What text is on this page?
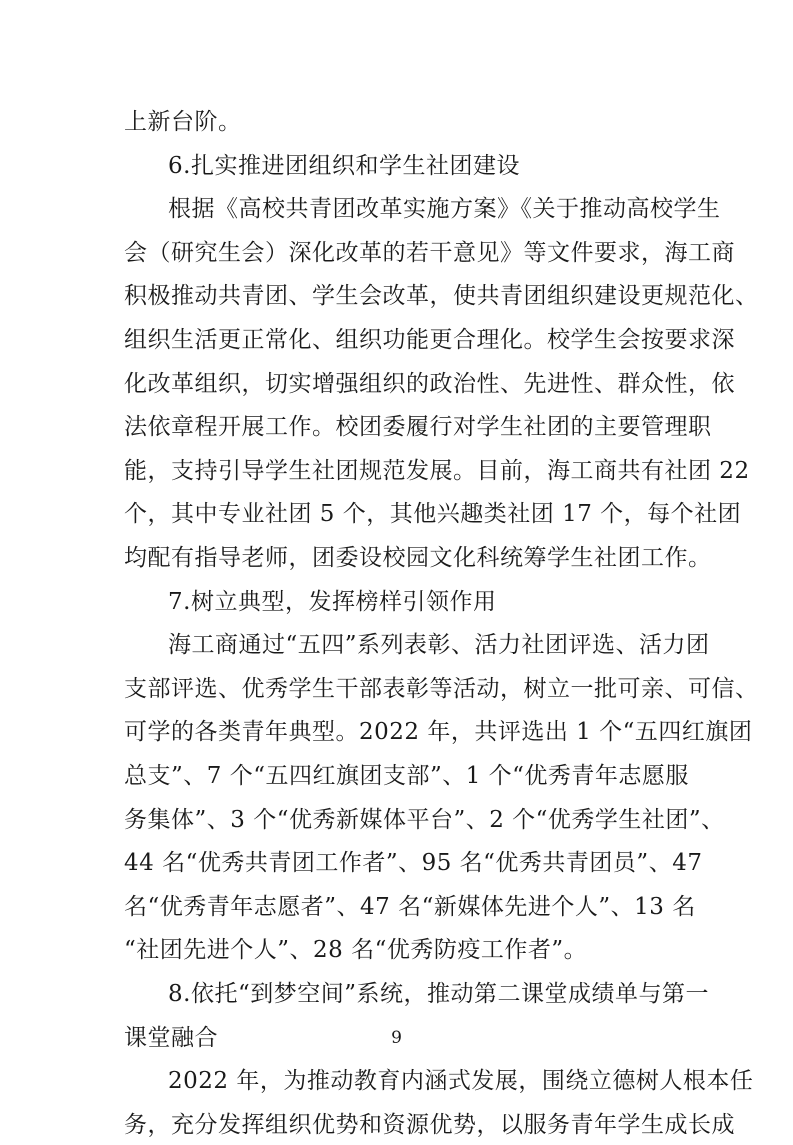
9
上新台阶。
6.扎实推进团组织和学生社团建设
根据《高校共青团改革实施方案》《关于推动高校学生
会（研究生会）深化改革的若干意见》等文件要求，海工商
积极推动共青团、学生会改革，使共青团组织建设更规范化、
组织生活更正常化、组织功能更合理化。校学生会按要求深
化改革组织，切实增强组织的政治性、先进性、群众性，依
法依章程开展工作。校团委履行对学生社团的主要管理职
能，支持引导学生社团规范发展。目前，海工商共有社团 22
个，其中专业社团 5 个，其他兴趣类社团 17 个，每个社团
均配有指导老师，团委设校园文化科统筹学生社团工作。
7.树立典型，发挥榜样引领作用
海工商通过“五四”系列表彰、活力社团评选、活力团
支部评选、优秀学生干部表彰等活动，树立一批可亲、可信、
可学的各类青年典型。2022 年，共评选出 1 个“五四红旗团
总支”、7 个“五四红旗团支部”、1 个“优秀青年志愿服
务集体”、3 个“优秀新媒体平台”、2 个“优秀学生社团”、
44 名“优秀共青团工作者”、95 名“优秀共青团员”、47
名“优秀青年志愿者”、47 名“新媒体先进个人”、13 名
“社团先进个人”、28 名“优秀防疫工作者”。
8.依托“到梦空间”系统，推动第二课堂成绩单与第一
课堂融合
2022 年，为推动教育内涵式发展，围绕立德树人根本任
务，充分发挥组织优势和资源优势，以服务青年学生成长成
